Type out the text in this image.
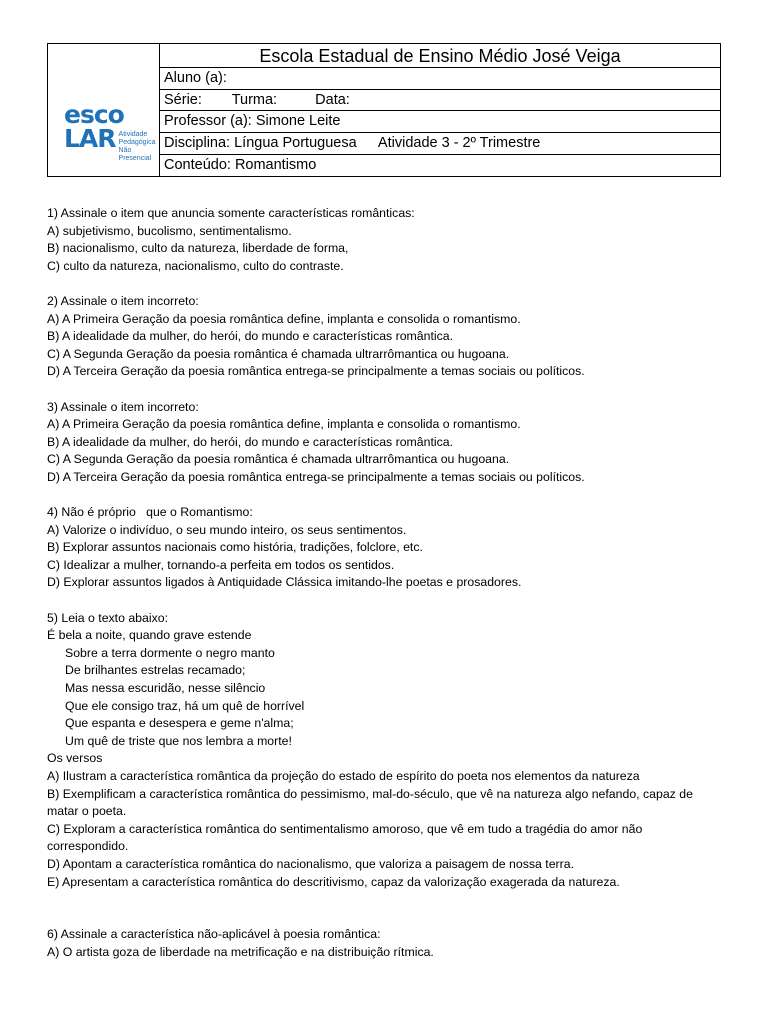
esco
LAR Atividade
Pedagógica
Não Presencial
Escola Estadual de Ensino Médio José Veiga
Aluno (a):
Série: Turma:	Data:
Professor (a): Simone Leite
Disciplina: Língua Portuguesa Atividade 3 - 2º Trimestre
Conteúdo: Romantismo
1) Assinale o item que anuncia somente características românticas:
A) subjetivismo, bucolismo, sentimentalismo.
B) nacionalismo, culto da natureza, liberdade de forma,
C) culto da natureza, nacionalismo, culto do contraste.
2) Assinale o item incorreto:
A) A Primeira Geração da poesia romântica define, implanta e consolida o romantismo.
B) A idealidade da mulher, do herói, do mundo e características romântica.
C) A Segunda Geração da poesia romântica é chamada ultrarrômantica ou hugoana.
D) A Terceira Geração da poesia romântica entrega-se principalmente a temas sociais ou políticos.
3) Assinale o item incorreto:
A) A Primeira Geração da poesia romântica define, implanta e consolida o romantismo.
B) A idealidade da mulher, do herói, do mundo e características romântica.
C) A Segunda Geração da poesia romântica é chamada ultrarrômantica ou hugoana.
D) A Terceira Geração da poesia romântica entrega-se principalmente a temas sociais ou políticos.
4) Não é próprio   que o Romantismo:
A) Valorize o indivíduo, o seu mundo inteiro, os seus sentimentos.
B) Explorar assuntos nacionais como história, tradições, folclore, etc.
C) Idealizar a mulher, tornando-a perfeita em todos os sentidos.
D) Explorar assuntos ligados à Antiquidade Clássica imitando-lhe poetas e prosadores.
5) Leia o texto abaixo:
É bela a noite, quando grave estende
Sobre a terra dormente o negro manto
De brilhantes estrelas recamado;
Mas nessa escuridão, nesse silêncio
Que ele consigo traz, há um quê de horrível
Que espanta e desespera e geme n'alma;
Um quê de triste que nos lembra a morte!
Os versos
A) Ilustram a característica romântica da projeção do estado de espírito do poeta nos elementos da natureza
B) Exemplificam a característica romântica do pessimismo, mal-do-século, que vê na natureza algo nefando, capaz de
matar o poeta.
C) Exploram a característica romântica do sentimentalismo amoroso, que vê em tudo a tragédia do amor não
correspondido.
D) Apontam a característica romântica do nacionalismo, que valoriza a paisagem de nossa terra.
E) Apresentam a característica romântica do descritivismo, capaz da valorização exagerada da natureza.
6) Assinale a característica não-aplicável à poesia romântica:
A) O artista goza de liberdade na metrificação e na distribuição rítmica.
